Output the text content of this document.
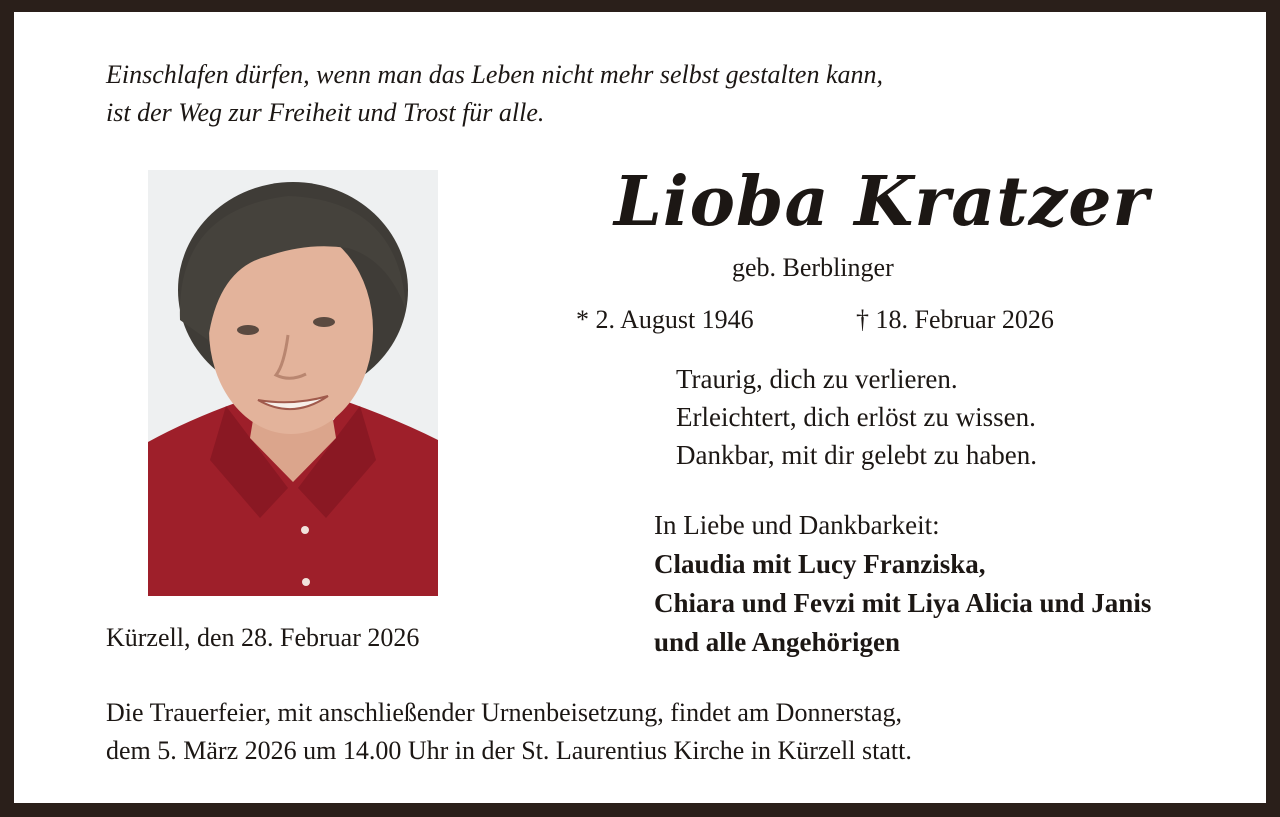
Einschlafen dürfen, wenn man das Leben nicht mehr selbst gestalten kann,

ist der Weg zur Freiheit und Trost für alle.

Lioba Kratzer
geb. Berblinger
* 2. August 1946	† 18. Februar 2026
Traurig, dich zu verlieren.
Erleichtert, dich erlöst zu wissen.
Dankbar, mit dir gelebt zu haben.
In Liebe und Dankbarkeit:
Claudia mit Lucy Franziska,
Chiara und Fevzi mit Liya Alicia und Janis
und alle Angehörigen
Kürzell, den 28. Februar 2026
Die Trauerfeier, mit anschließender Urnenbeisetzung, findet am Donnerstag,
dem 5. März 2026 um 14.00 Uhr in der St. Laurentius Kirche in Kürzell statt.
